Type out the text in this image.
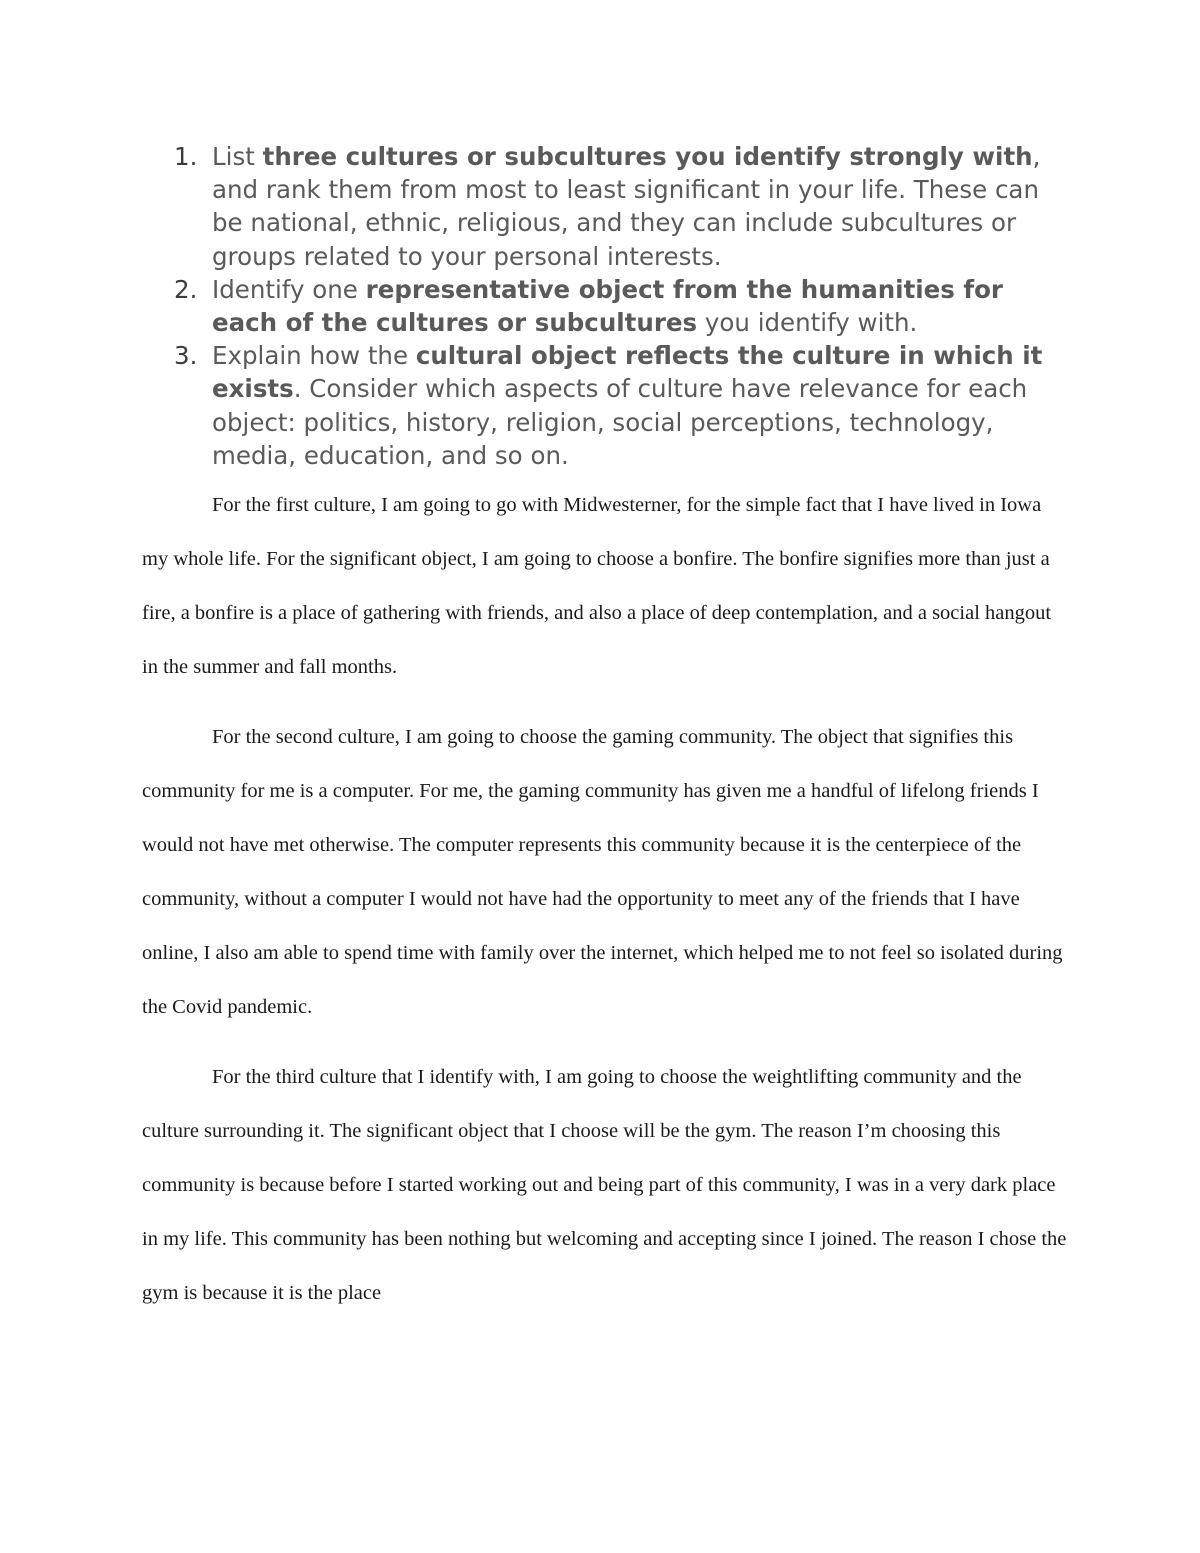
1. List three cultures or subcultures you identify strongly with, and rank them from most to least significant in your life. These can be national, ethnic, religious, and they can include subcultures or groups related to your personal interests.
2. Identify one representative object from the humanities for each of the cultures or subcultures you identify with.
3. Explain how the cultural object reflects the culture in which it exists. Consider which aspects of culture have relevance for each object: politics, history, religion, social perceptions, technology, media, education, and so on.

For the first culture, I am going to go with Midwesterner, for the simple fact that I have lived in Iowa my whole life. For the significant object, I am going to choose a bonfire. The bonfire signifies more than just a fire, a bonfire is a place of gathering with friends, and also a place of deep contemplation, and a social hangout in the summer and fall months.

For the second culture, I am going to choose the gaming community. The object that signifies this community for me is a computer. For me, the gaming community has given me a handful of lifelong friends I would not have met otherwise. The computer represents this community because it is the centerpiece of the community, without a computer I would not have had the opportunity to meet any of the friends that I have online, I also am able to spend time with family over the internet, which helped me to not feel so isolated during the Covid pandemic.

For the third culture that I identify with, I am going to choose the weightlifting community and the culture surrounding it. The significant object that I choose will be the gym. The reason I’m choosing this community is because before I started working out and being part of this community, I was in a very dark place in my life. This community has been nothing but welcoming and accepting since I joined. The reason I chose the gym is because it is the place
